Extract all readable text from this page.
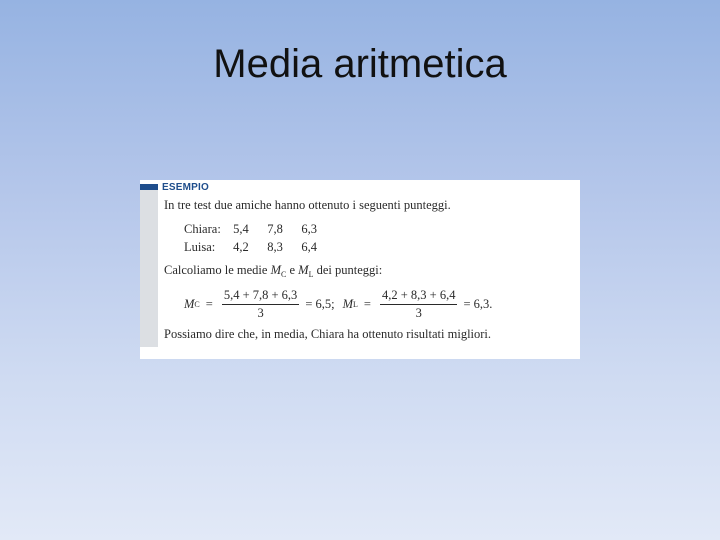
Media aritmetica
ESEMPIO
In tre test due amiche hanno ottenuto i seguenti punteggi.
Chiara: 5,4 7,8 6,3
Luisa: 4,2 8,3 6,4
Calcoliamo le medie $M_C$ e $M_L$ dei punteggi:
M $C = \frac{5,4 + 7,8 + 6,3}{3} = 6,5$; M $L = \frac{4,2 + 8,3 + 6,4}{3} = 6,3$.
Possiamo dire che, in media, Chiara ha ottenuto risultati migliori.
